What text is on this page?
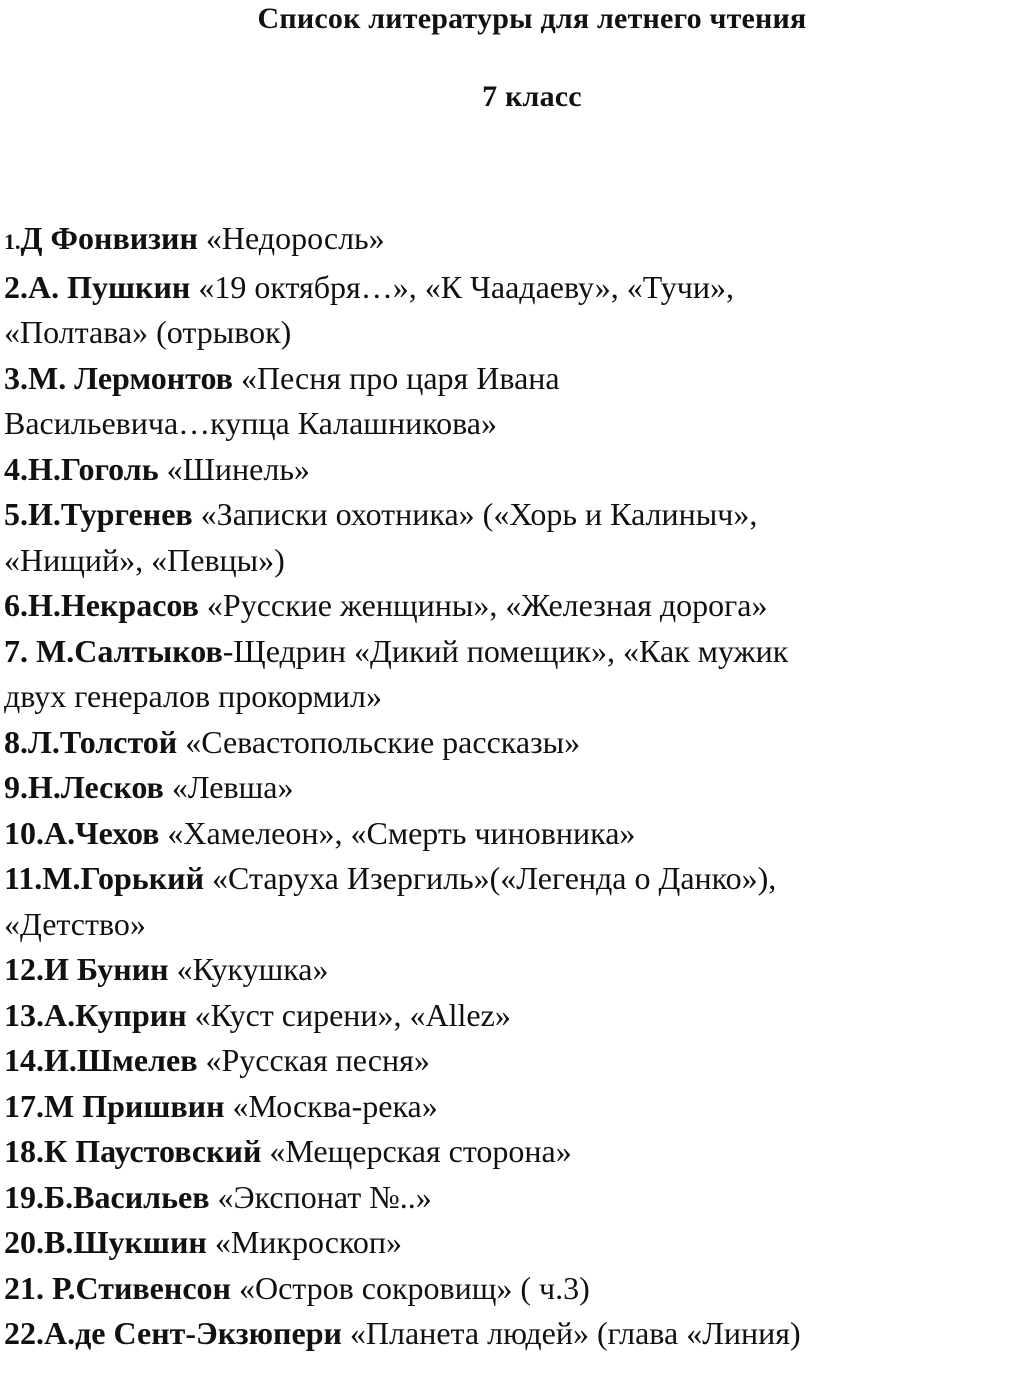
Список литературы для летнего чтения
7 класс
1.Д Фонвизин «Недоросль»
2.А. Пушкин «19 октября…», «К Чаадаеву», «Тучи»,
«Полтава» (отрывок)
3.М. Лермонтов «Песня про царя Ивана
Васильевича…купца Калашникова»
4.Н.Гоголь «Шинель»
5.И.Тургенев «Записки охотника» («Хорь и Калиныч»,
«Нищий», «Певцы»)
6.Н.Некрасов «Русские женщины», «Железная дорога»
7. М.Салтыков-Щедрин «Дикий помещик», «Как мужик
двух генералов прокормил»
8.Л.Толстой «Севастопольские рассказы»
9.Н.Лесков «Левша»
10.А.Чехов «Хамелеон», «Смерть чиновника»
11.М.Горький «Старуха Изергиль»(«Легенда о Данко»),
«Детство»
12.И Бунин «Кукушка»
13.А.Куприн «Куст сирени», «Allez»
14.И.Шмелев «Русская песня»
17.М Пришвин «Москва-река»
18.К Паустовский «Мещерская сторона»
19.Б.Васильев «Экспонат №..»
20.В.Шукшин «Микроскоп»
21. Р.Стивенсон «Остров сокровищ» ( ч.3)
22.А.де Сент-Экзюпери «Планета людей» (глава «Линия)
